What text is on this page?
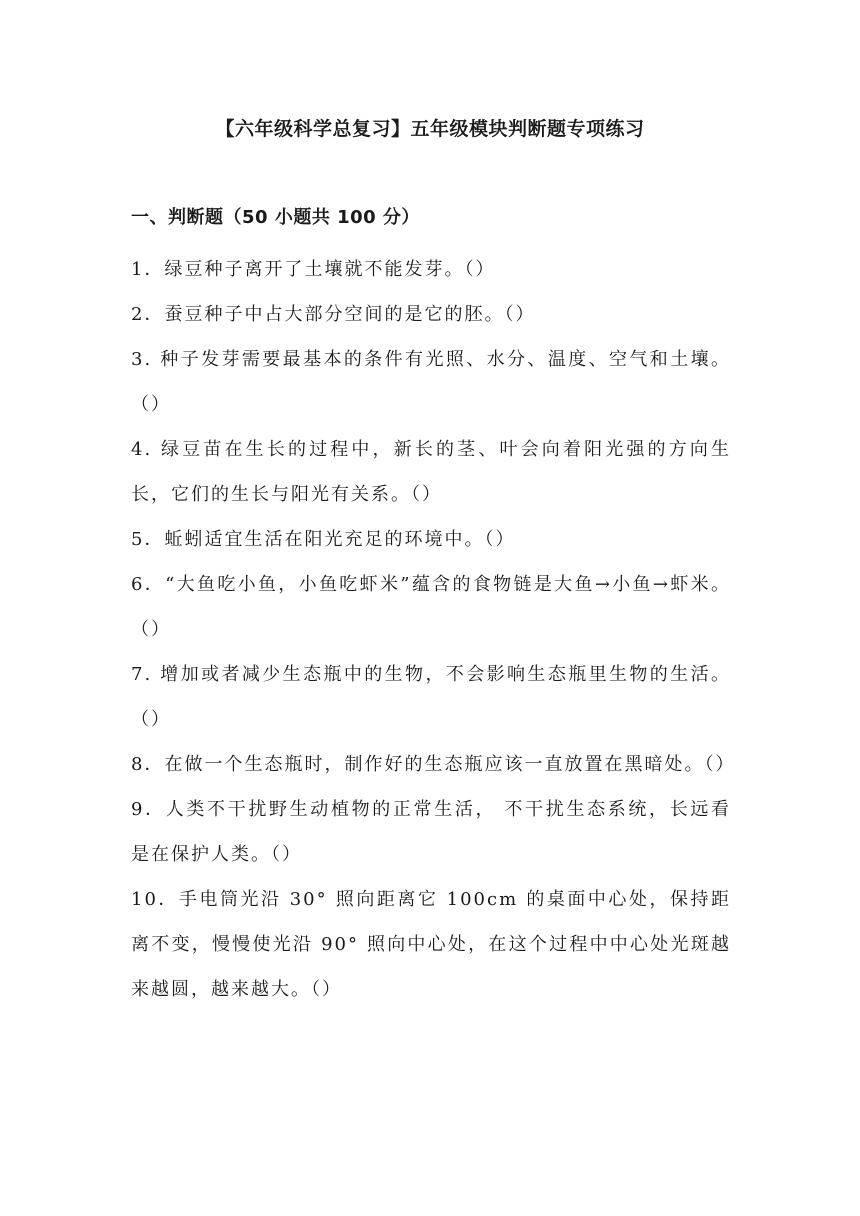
【六年级科学总复习】五年级模块判断题专项练习
一、判断题（50 小题共 100 分）
1．绿豆种子离开了土壤就不能发芽。（）
2．蚕豆种子中占大部分空间的是它的胚。（）
3. 种子发芽需要最基本的条件有光照、水分、温度、空气和土壤。（）
4. 绿豆苗在生长的过程中，新长的茎、叶会向着阳光强的方向生长，它们的生长与阳光有关系。（）
5．蚯蚓适宜生活在阳光充足的环境中。（）
6．“大鱼吃小鱼，小鱼吃虾米”蕴含的食物链是大鱼→小鱼→虾米。（）
7. 增加或者减少生态瓶中的生物，不会影响生态瓶里生物的生活。（）
8．在做一个生态瓶时，制作好的生态瓶应该一直放置在黑暗处。（）
9．人类不干扰野生动植物的正常生活， 不干扰生态系统，长远看是在保护人类。（）
10．手电筒光沿 30° 照向距离它 100cm 的桌面中心处，保持距离不变，慢慢使光沿 90° 照向中心处，在这个过程中中心处光斑越来越圆，越来越大。（）
